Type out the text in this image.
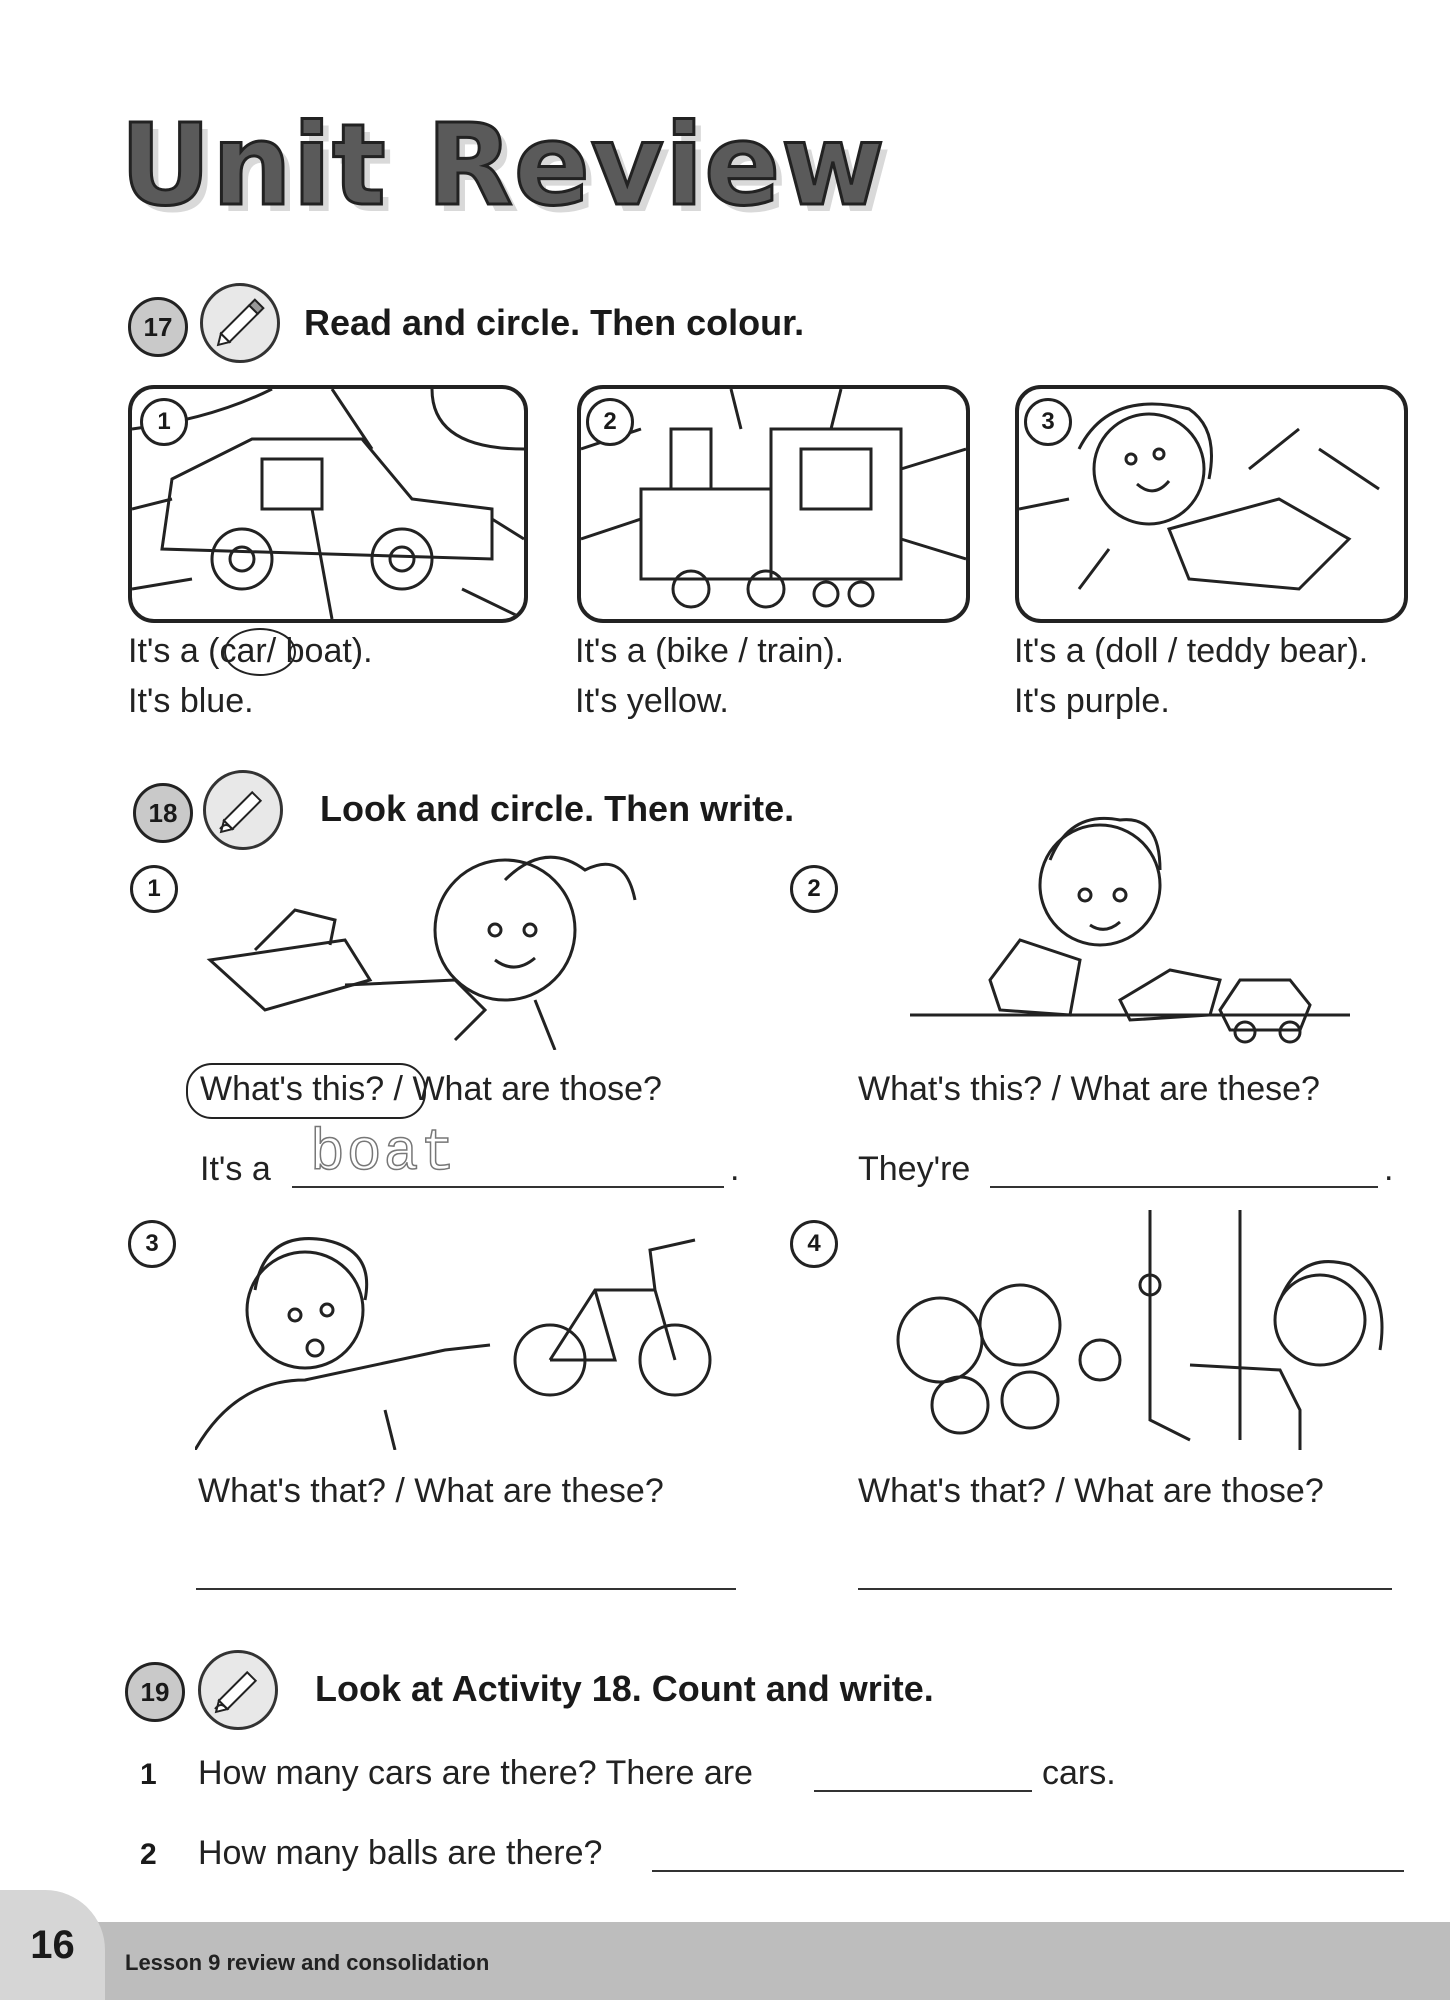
Unit Review
17	Read and circle. Then colour.
1	2	3
It's a (car/ boat).
It's blue.
It's a (bike / train).
It's yellow.
It's a (doll / teddy bear).
It's purple.
18	Look and circle. Then write.
1
What's this? / What are those?
It's a boat	.
2
What's this? / What are these?
They're	.
3
What's that? / What are these?
4
What's that? / What are those?
19	Look at Activity 18. Count and write.
1 How many cars are there? There are	cars.
2 How many balls are there?
16	Lesson 9 review and consolidation
